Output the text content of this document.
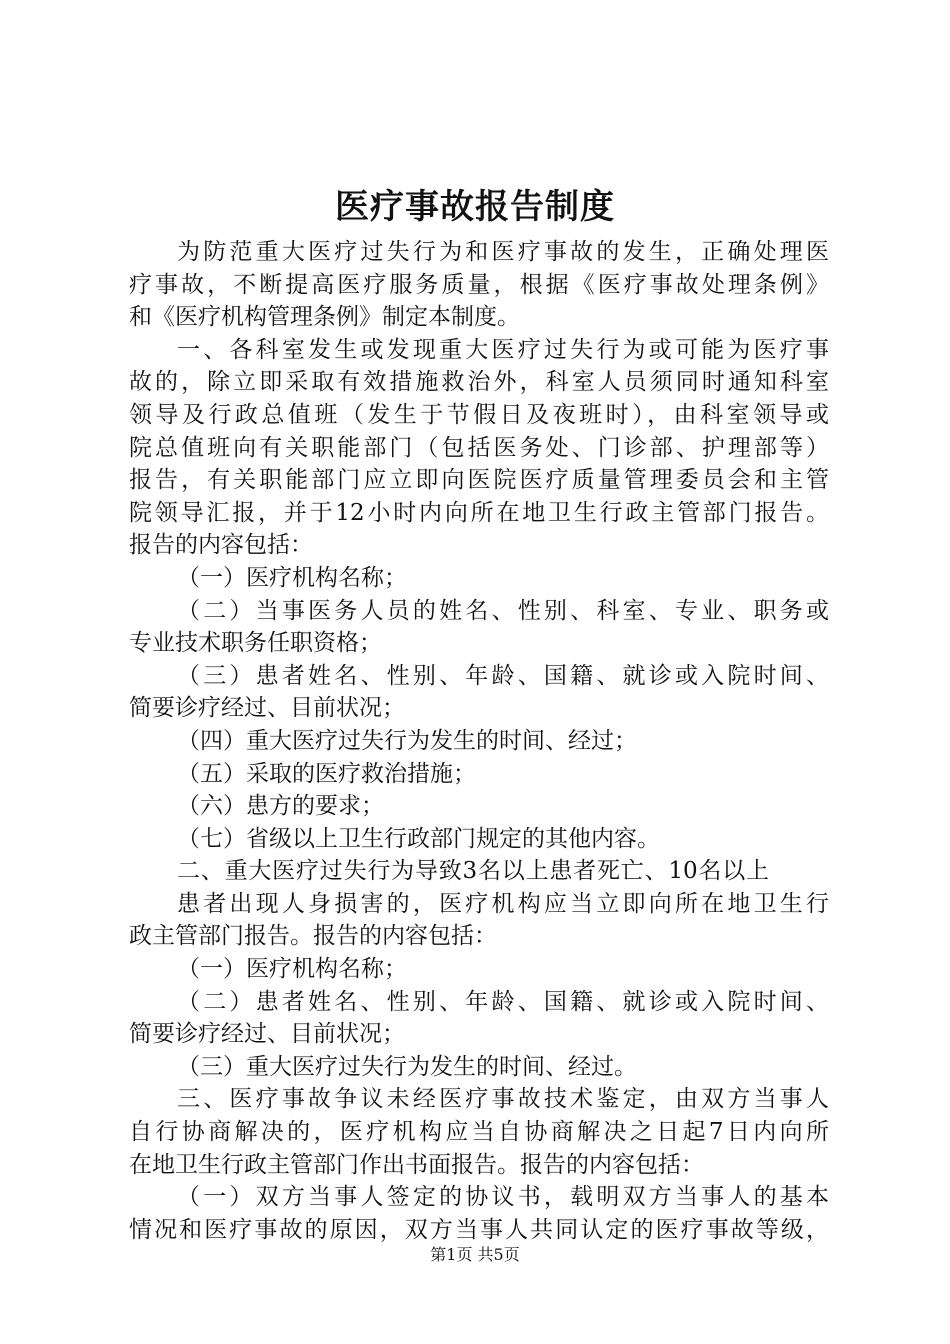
医疗事故报告制度
为防范重大医疗过失行为和医疗事故的发生，正确处理医
疗事故，不断提高医疗服务质量，根据《医疗事故处理条例》
和《医疗机构管理条例》制定本制度。
一、各科室发生或发现重大医疗过失行为或可能为医疗事
故的，除立即采取有效措施救治外，科室人员须同时通知科室
领导及行政总值班（发生于节假日及夜班时），由科室领导或
院总值班向有关职能部门（包括医务处、门诊部、护理部等）
报告，有关职能部门应立即向医院医疗质量管理委员会和主管
院领导汇报，并于12小时内向所在地卫生行政主管部门报告。
报告的内容包括：
（一）医疗机构名称；
（二）当事医务人员的姓名、性别、科室、专业、职务或
专业技术职务任职资格；
（三）患者姓名、性别、年龄、国籍、就诊或入院时间、
简要诊疗经过、目前状况；
（四）重大医疗过失行为发生的时间、经过；
（五）采取的医疗救治措施；
（六）患方的要求；
（七）省级以上卫生行政部门规定的其他内容。
二、重大医疗过失行为导致3名以上患者死亡、10名以上
患者出现人身损害的，医疗机构应当立即向所在地卫生行
政主管部门报告。报告的内容包括：
（一）医疗机构名称；
（二）患者姓名、性别、年龄、国籍、就诊或入院时间、
简要诊疗经过、目前状况；
（三）重大医疗过失行为发生的时间、经过。
三、医疗事故争议未经医疗事故技术鉴定，由双方当事人
自行协商解决的，医疗机构应当自协商解决之日起7日内向所
在地卫生行政主管部门作出书面报告。报告的内容包括：
（一）双方当事人签定的协议书，载明双方当事人的基本
情况和医疗事故的原因，双方当事人共同认定的医疗事故等级，
第1页 共5页
